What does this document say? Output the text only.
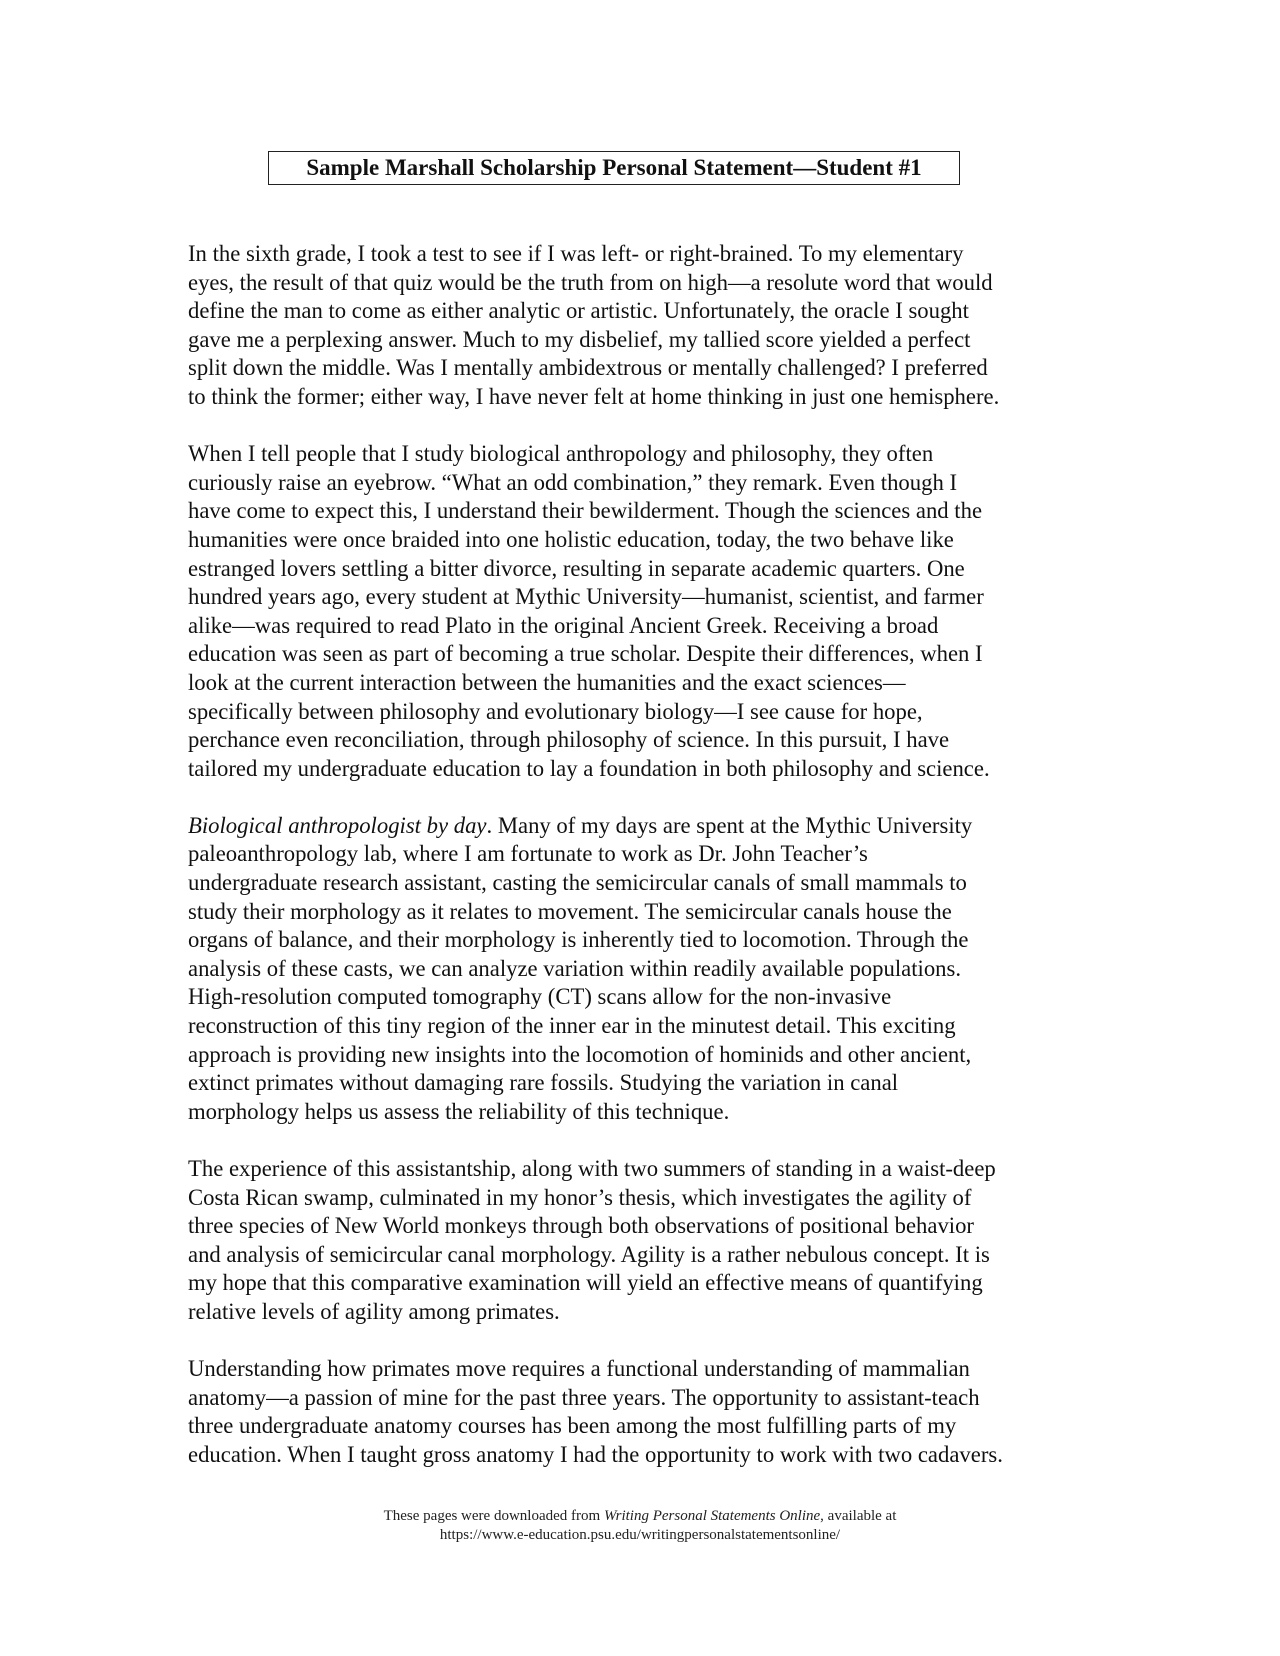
Sample Marshall Scholarship Personal Statement—Student #1

In the sixth grade, I took a test to see if I was left- or right-brained. To my elementary
eyes, the result of that quiz would be the truth from on high—a resolute word that would
define the man to come as either analytic or artistic. Unfortunately, the oracle I sought
gave me a perplexing answer. Much to my disbelief, my tallied score yielded a perfect
split down the middle. Was I mentally ambidextrous or mentally challenged? I preferred
to think the former; either way, I have never felt at home thinking in just one hemisphere.

When I tell people that I study biological anthropology and philosophy, they often
curiously raise an eyebrow. “What an odd combination,” they remark. Even though I
have come to expect this, I understand their bewilderment. Though the sciences and the
humanities were once braided into one holistic education, today, the two behave like
estranged lovers settling a bitter divorce, resulting in separate academic quarters. One
hundred years ago, every student at Mythic University—humanist, scientist, and farmer
alike—was required to read Plato in the original Ancient Greek. Receiving a broad
education was seen as part of becoming a true scholar. Despite their differences, when I
look at the current interaction between the humanities and the exact sciences—
specifically between philosophy and evolutionary biology—I see cause for hope,
perchance even reconciliation, through philosophy of science. In this pursuit, I have
tailored my undergraduate education to lay a foundation in both philosophy and science.

Biological anthropologist by day. Many of my days are spent at the Mythic University
paleoanthropology lab, where I am fortunate to work as Dr. John Teacher’s
undergraduate research assistant, casting the semicircular canals of small mammals to
study their morphology as it relates to movement. The semicircular canals house the
organs of balance, and their morphology is inherently tied to locomotion. Through the
analysis of these casts, we can analyze variation within readily available populations.
High-resolution computed tomography (CT) scans allow for the non-invasive
reconstruction of this tiny region of the inner ear in the minutest detail. This exciting
approach is providing new insights into the locomotion of hominids and other ancient,
extinct primates without damaging rare fossils. Studying the variation in canal
morphology helps us assess the reliability of this technique.

The experience of this assistantship, along with two summers of standing in a waist-deep
Costa Rican swamp, culminated in my honor’s thesis, which investigates the agility of
three species of New World monkeys through both observations of positional behavior
and analysis of semicircular canal morphology. Agility is a rather nebulous concept. It is
my hope that this comparative examination will yield an effective means of quantifying
relative levels of agility among primates.

Understanding how primates move requires a functional understanding of mammalian
anatomy—a passion of mine for the past three years. The opportunity to assistant-teach
three undergraduate anatomy courses has been among the most fulfilling parts of my
education. When I taught gross anatomy I had the opportunity to work with two cadavers.

These pages were downloaded from Writing Personal Statements Online, available at
https://www.e-education.psu.edu/writingpersonalstatementsonline/
